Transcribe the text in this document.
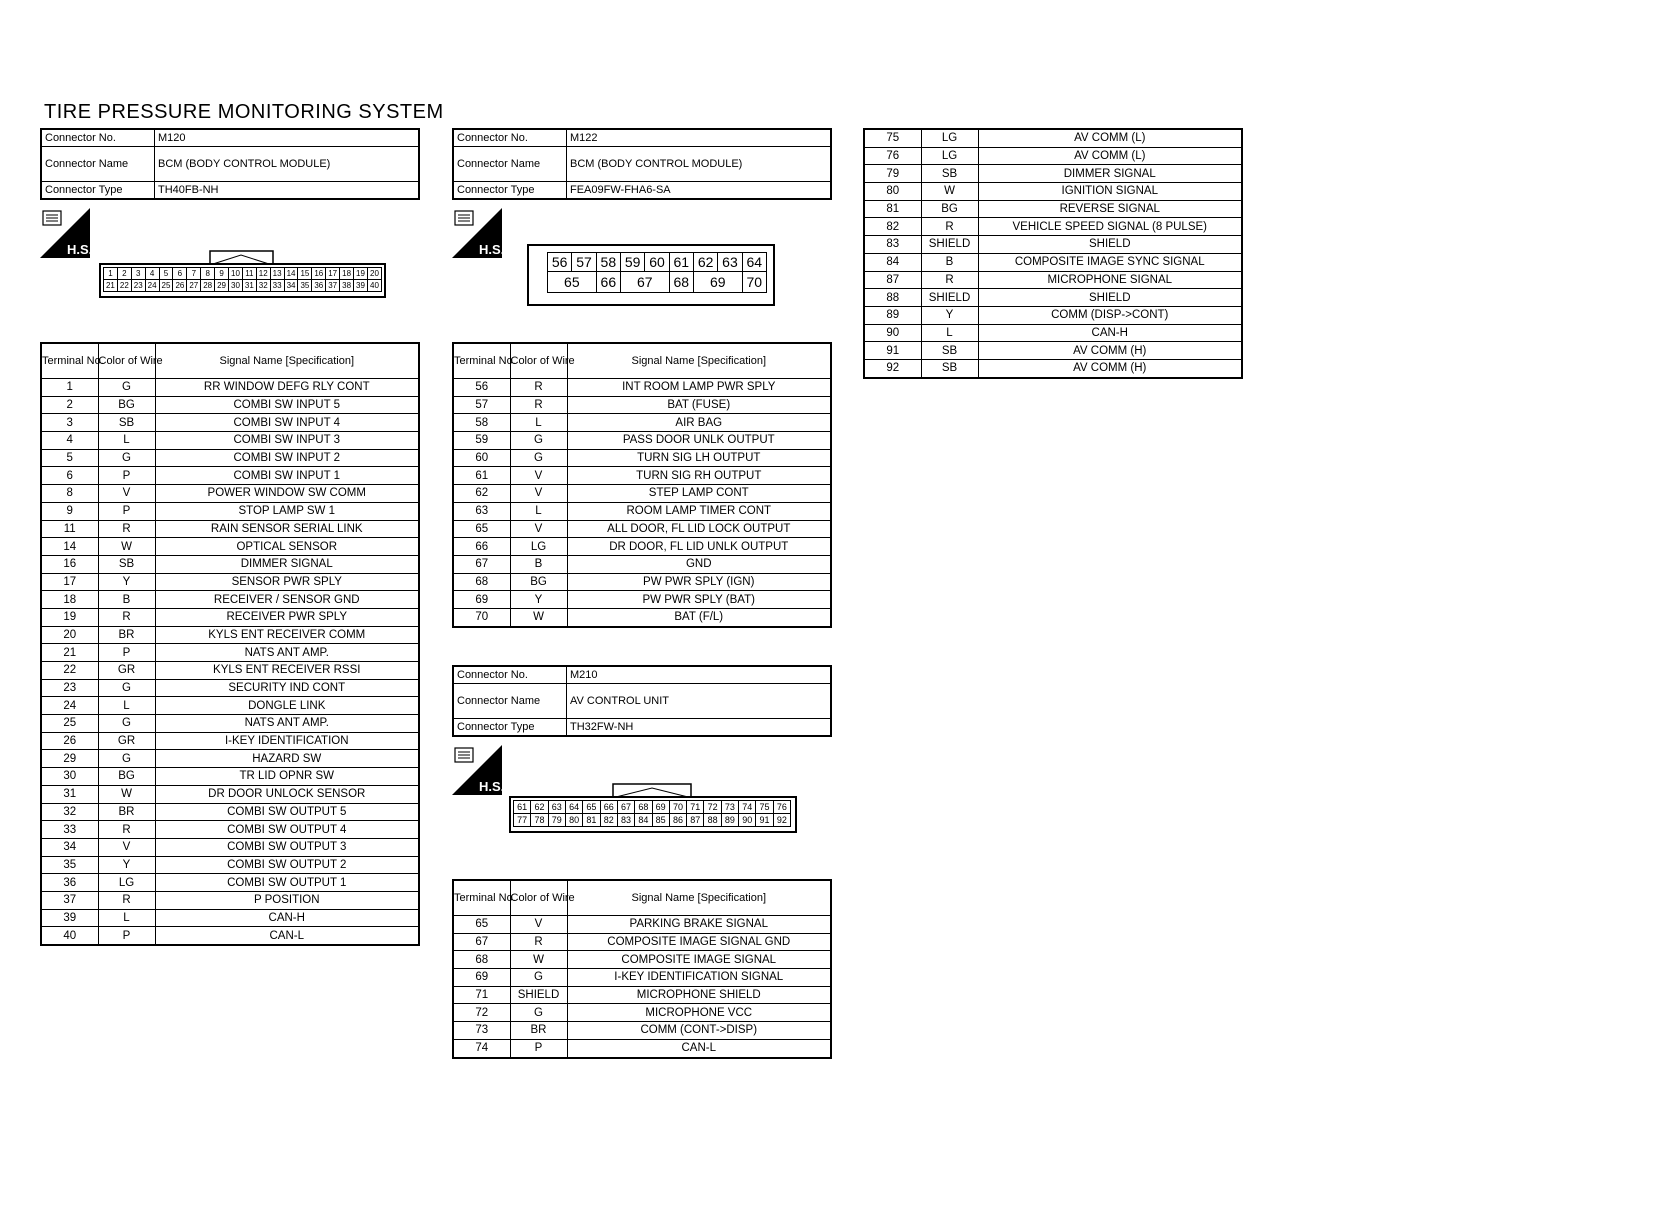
TIRE PRESSURE MONITORING SYSTEM
Connector No.	M120
Connector Name	BCM (BODY CONTROL MODULE)
Connector Type	TH40FB-NH
Connector No.	M122
Connector Name	BCM (BODY CONTROL MODULE)
Connector Type	FEA09FW-FHA6-SA
Connector No.	M210
Connector Name	AV CONTROL UNIT
Connector Type	TH32FW-NH
H.S.	H.S.
H.S.
1	2	3	4	5	6	7	8	9	10	11	12	13	14	15	16	17	18	19	20
21	22	23	24	25	26	27	28	29	30	31	32	33	34	35	36	37	38	39	40
56	57	58	59	60	61	62	63	64
65		66	67		68	69		70
61	62	63	64	65	66	67	68	69	70	71	72	73	74	75	76
77	78	79	80	81	82	83	84	85	86	87	88	89	90	91	92
Terminal No.	Color of Wire	Signal Name [Specification]
1	G	RR WINDOW DEFG RLY CONT
2	BG	COMBI SW INPUT 5
3	SB	COMBI SW INPUT 4
4	L	COMBI SW INPUT 3
5	G	COMBI SW INPUT 2
6	P	COMBI SW INPUT 1
8	V	POWER WINDOW SW COMM
9	P	STOP LAMP SW 1
11	R	RAIN SENSOR SERIAL LINK
14	W	OPTICAL SENSOR
16	SB	DIMMER SIGNAL
17	Y	SENSOR PWR SPLY
18	B	RECEIVER / SENSOR GND
19	R	RECEIVER PWR SPLY
20	BR	KYLS ENT RECEIVER COMM
21	P	NATS ANT AMP.
22	GR	KYLS ENT RECEIVER RSSI
23	G	SECURITY IND CONT
24	L	DONGLE LINK
25	G	NATS ANT AMP.
26	GR	I-KEY IDENTIFICATION
29	G	HAZARD SW
30	BG	TR LID OPNR SW
31	W	DR DOOR UNLOCK SENSOR
32	BR	COMBI SW OUTPUT 5
33	R	COMBI SW OUTPUT 4
34	V	COMBI SW OUTPUT 3
35	Y	COMBI SW OUTPUT 2
36	LG	COMBI SW OUTPUT 1
37	R	P POSITION
39	L	CAN-H
40	P	CAN-L
Terminal No.	Color of Wire	Signal Name [Specification]
56	R	INT ROOM LAMP PWR SPLY
57	R	BAT (FUSE)
58	L	AIR BAG
59	G	PASS DOOR UNLK OUTPUT
60	G	TURN SIG LH OUTPUT
61	V	TURN SIG RH OUTPUT
62	V	STEP LAMP CONT
63	L	ROOM LAMP TIMER CONT
65	V	ALL DOOR, FL LID LOCK OUTPUT
66	LG	DR DOOR, FL LID UNLK OUTPUT
67	B	GND
68	BG	PW PWR SPLY (IGN)
69	Y	PW PWR SPLY (BAT)
70	W	BAT (F/L)
Terminal No.	Color of Wire	Signal Name [Specification]
65	V	PARKING BRAKE SIGNAL
67	R	COMPOSITE IMAGE SIGNAL GND
68	W	COMPOSITE IMAGE SIGNAL
69	G	I-KEY IDENTIFICATION SIGNAL
71	SHIELD	MICROPHONE SHIELD
72	G	MICROPHONE VCC
73	BR	COMM (CONT->DISP)
74	P	CAN-L
75	LG	AV COMM (L)
76	LG	AV COMM (L)
79	SB	DIMMER SIGNAL
80	W	IGNITION SIGNAL
81	BG	REVERSE SIGNAL
82	R	VEHICLE SPEED SIGNAL (8 PULSE)
83	SHIELD	SHIELD
84	B	COMPOSITE IMAGE SYNC SIGNAL
87	R	MICROPHONE SIGNAL
88	SHIELD	SHIELD
89	Y	COMM (DISP->CONT)
90	L	CAN-H
91	SB	AV COMM (H)
92	SB	AV COMM (H)
